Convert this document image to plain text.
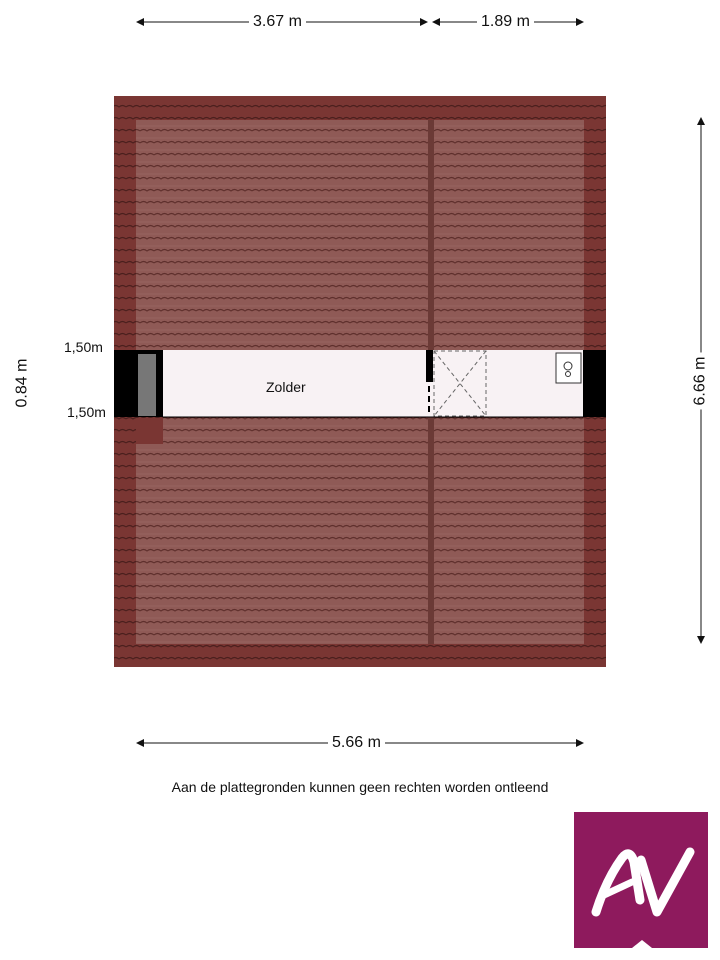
3.67 m	1.89 m
5.66 m
6.66 m
0.84 m
1,50m
1,50m
Zolder
Aan de plattegronden kunnen geen rechten worden ontleend
